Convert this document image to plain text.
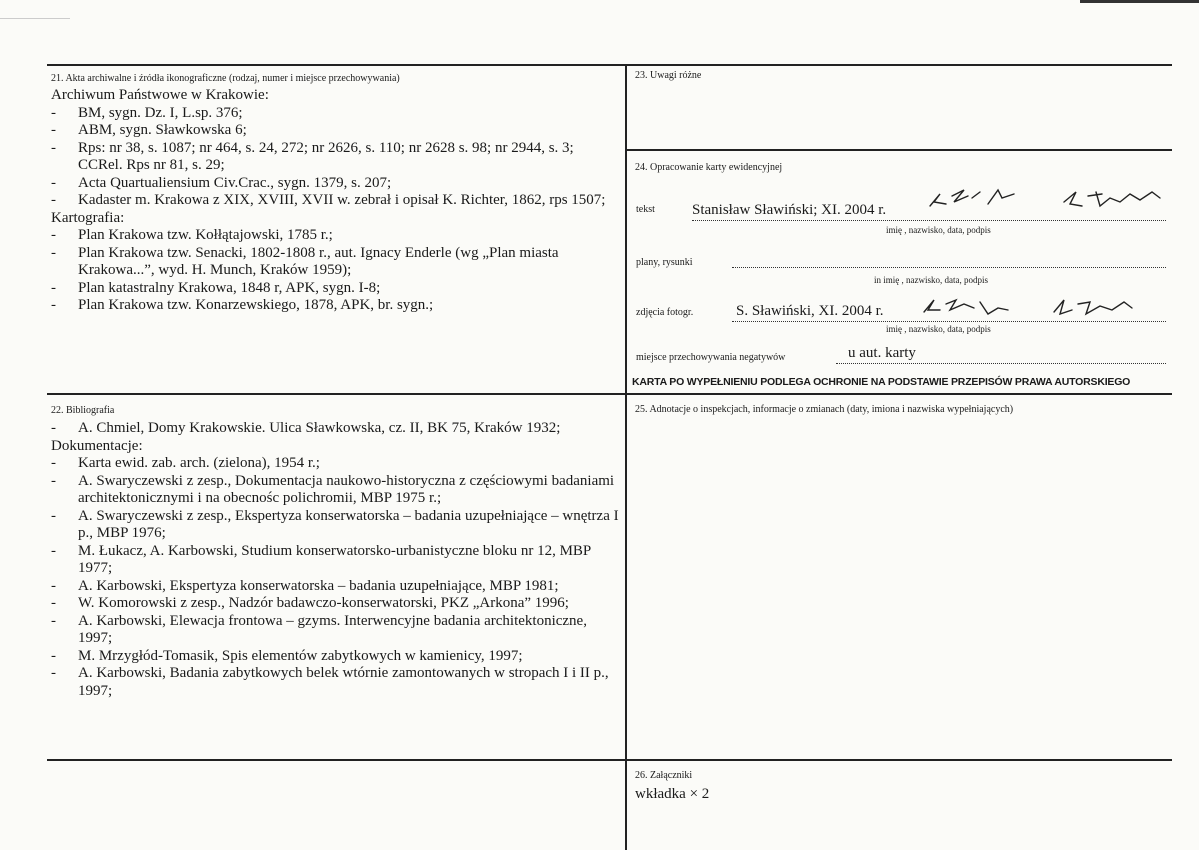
21. Akta archiwalne i źródła ikonograficzne (rodzaj, numer i miejsce przechowywania)
Archiwum Państwowe w Krakowie:
-	BM, sygn. Dz. I, L.sp. 376;
-	ABM, sygn. Sławkowska 6;
-	Rps: nr 38, s. 1087; nr 464, s. 24, 272; nr 2626, s. 110; nr 2628 s. 98; nr 2944, s. 3; CCRel. Rps nr 81, s. 29;
-	Acta Quartualiensium Civ.Crac., sygn. 1379, s. 207;
-	Kadaster m. Krakowa z XIX, XVIII, XVII w. zebrał i opisał K. Richter, 1862, rps 1507;
Kartografia:
-	Plan Krakowa tzw. Kołłątajowski, 1785 r.;
-	Plan Krakowa tzw. Senacki, 1802-1808 r., aut. Ignacy Enderle (wg „Plan miasta Krakowa...”, wyd. H. Munch, Kraków 1959);
-	Plan katastralny Krakowa, 1848 r, APK, sygn. I-8;
-	Plan Krakowa tzw. Konarzewskiego, 1878, APK, br. sygn.;
22. Bibliografia
-	A. Chmiel, Domy Krakowskie. Ulica Sławkowska, cz. II, BK 75, Kraków 1932;
Dokumentacje:
-	Karta ewid. zab. arch. (zielona), 1954 r.;
-	A. Swaryczewski z zesp., Dokumentacja naukowo-historyczna z częściowymi badaniami architektonicznymi i na obecnośc polichromii, MBP 1975 r.;
-	A. Swaryczewski z zesp., Ekspertyza konserwatorska – badania uzupełniające – wnętrza I p., MBP 1976;
-	M. Łukacz, A. Karbowski, Studium konserwatorsko-urbanistyczne bloku nr 12, MBP 1977;
-	A. Karbowski, Ekspertyza konserwatorska – badania uzupełniające, MBP 1981;
-	W. Komorowski z zesp., Nadzór badawczo-konserwatorski, PKZ „Arkona” 1996;
-	A. Karbowski, Elewacja frontowa – gzyms. Interwencyjne badania architektoniczne, 1997;
-	M. Mrzygłód-Tomasik, Spis elementów zabytkowych w kamienicy, 1997;
-	A. Karbowski, Badania zabytkowych belek wtórnie zamontowanych w stropach I i II p., 1997;
23. Uwagi różne
24. Opracowanie karty ewidencyjnej
tekst Stanisław Sławiński; XI. 2004 r.
imię , nazwisko, data, podpis
plany, rysunki
in imię , nazwisko, data, podpis
zdjęcia fotogr.	S. Sławiński, XI. 2004 r.
imię , nazwisko, data, podpis
miejsce przechowywania negatywów	u aut. karty
KARTA PO WYPEŁNIENIU PODLEGA OCHRONIE NA PODSTAWIE PRZEPISÓW PRAWA AUTORSKIEGO
25. Adnotacje o inspekcjach, informacje o zmianach (daty, imiona i nazwiska wypełniających)
26. Załączniki
wkładka × 2
